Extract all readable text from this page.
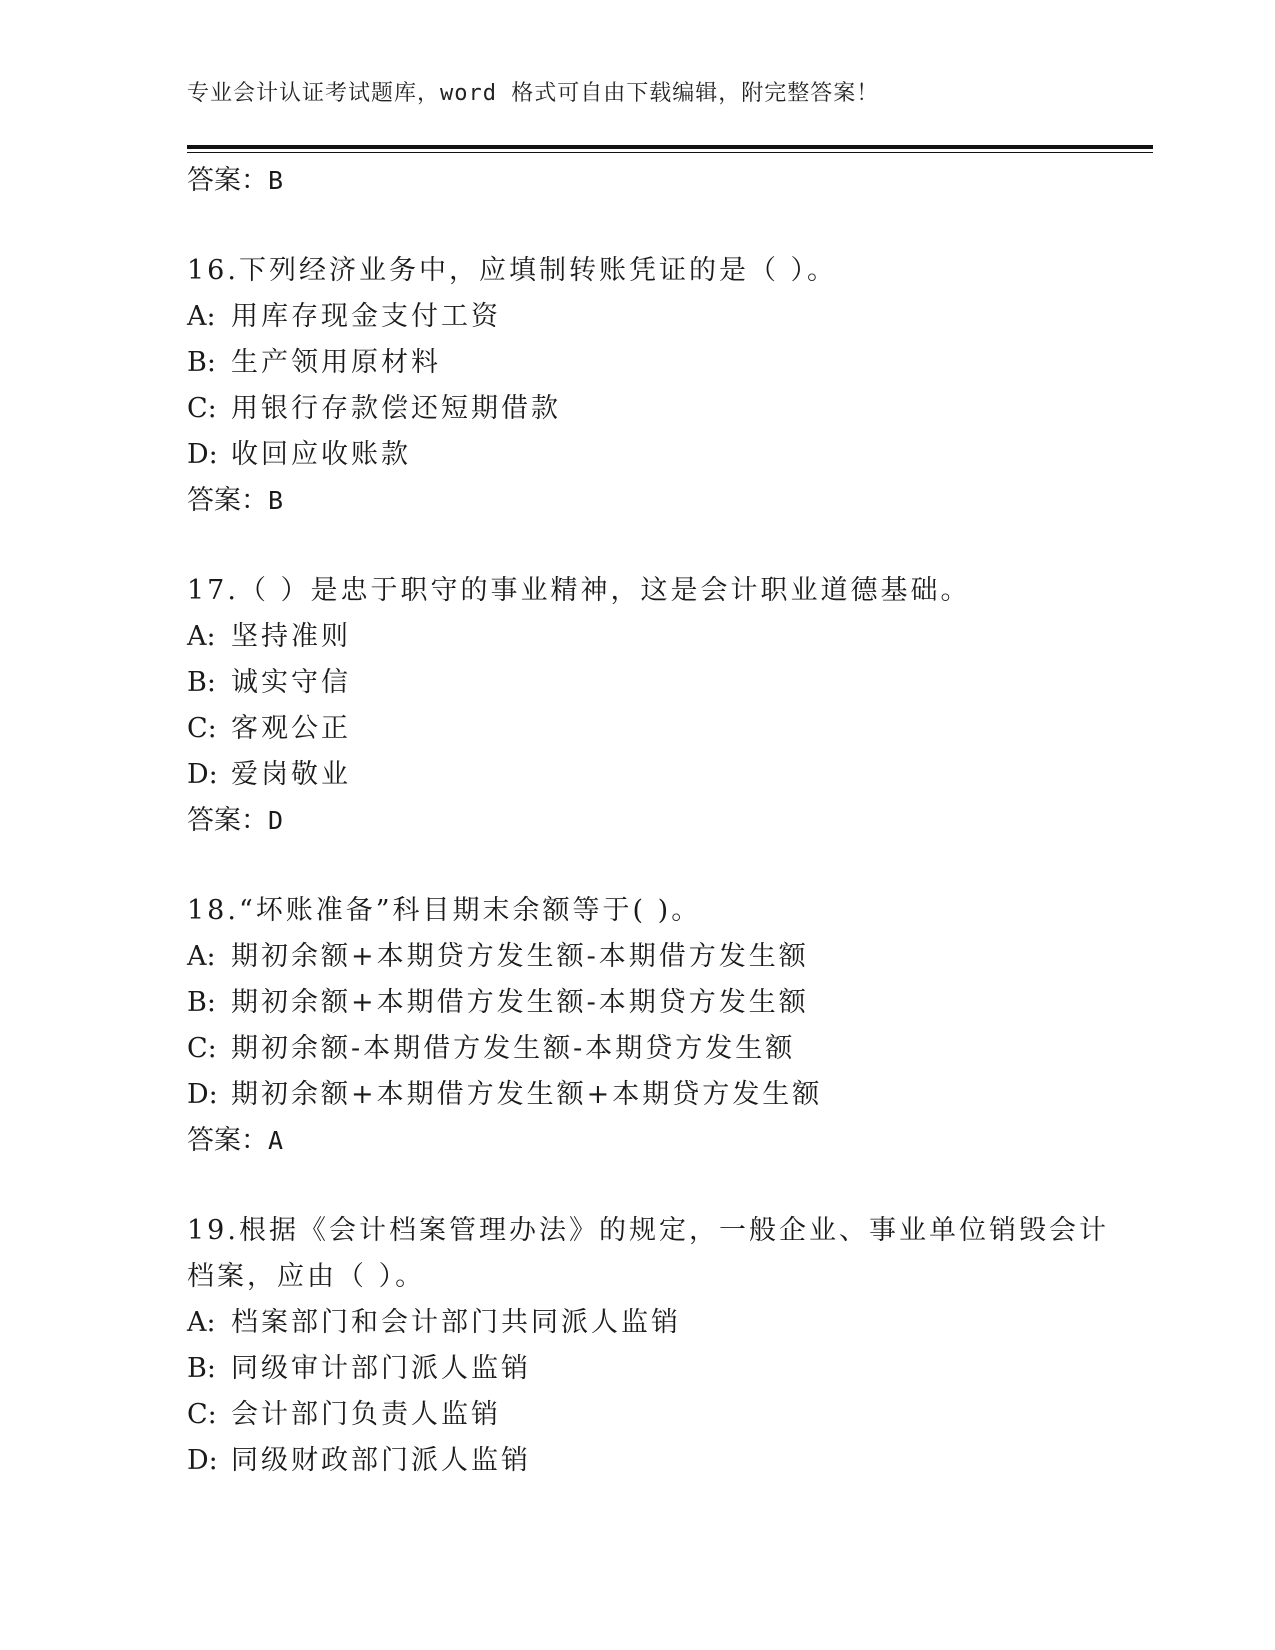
专业会计认证考试题库，word 格式可自由下载编辑，附完整答案！
答案：B
16.下列经济业务中，应填制转账凭证的是（ ）。
A: 用库存现金支付工资
B: 生产领用原材料
C: 用银行存款偿还短期借款
D: 收回应收账款
答案：B
17.（ ）是忠于职守的事业精神，这是会计职业道德基础。
A: 坚持准则
B: 诚实守信
C: 客观公正
D: 爱岗敬业
答案：D
18.“坏账准备”科目期末余额等于( )。
A: 期初余额+本期贷方发生额-本期借方发生额
B: 期初余额+本期借方发生额-本期贷方发生额
C: 期初余额-本期借方发生额-本期贷方发生额
D: 期初余额+本期借方发生额+本期贷方发生额
答案：A
19.根据《会计档案管理办法》的规定，一般企业、事业单位销毁会计
档案，应由（ ）。
A: 档案部门和会计部门共同派人监销
B: 同级审计部门派人监销
C: 会计部门负责人监销
D: 同级财政部门派人监销
